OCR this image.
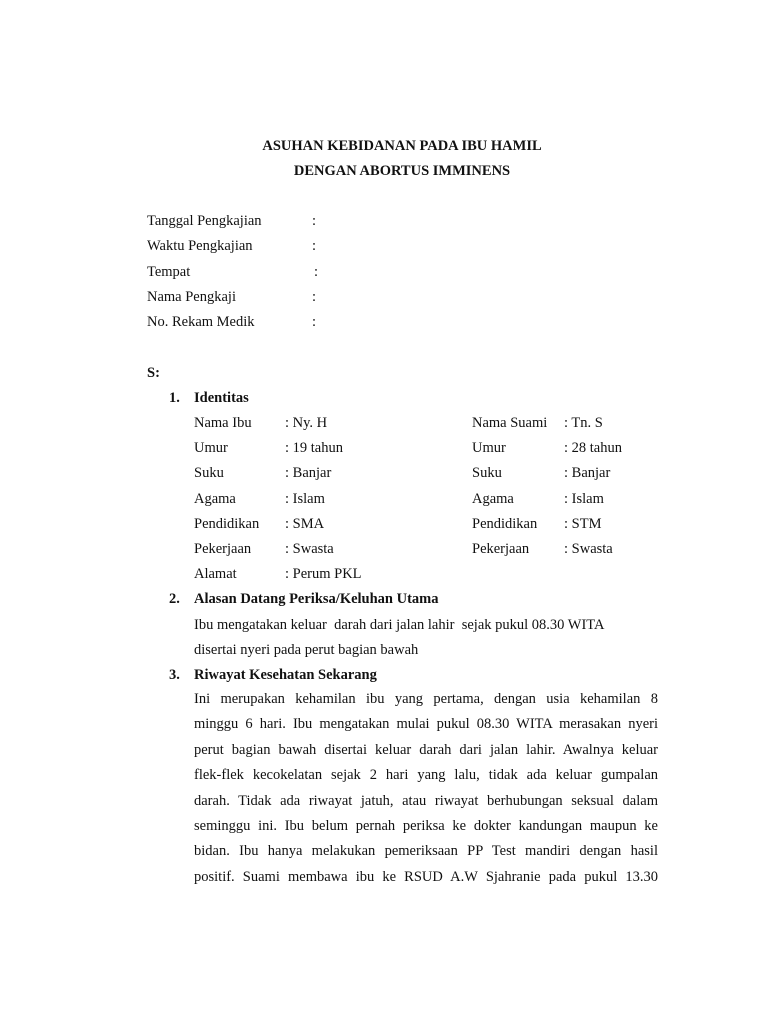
ASUHAN KEBIDANAN PADA IBU HAMIL
DENGAN ABORTUS IMMINENS
Tanggal Pengkajian	:
Waktu Pengkajian	:
Tempat	:
Nama Pengkaji	:
No. Rekam Medik	:
S:
1. Identitas
Nama Ibu : Ny. H
Umur	: 19 tahun
Suku	: Banjar
Agama	: Islam
Pendidikan : SMA
Pekerjaan : Swasta
Alamat	: Perum PKL
Nama Suami : Tn. S
Umur	: 28 tahun
Suku	: Banjar
Agama	: Islam
Pendidikan : STM
Pekerjaan : Swasta
2. Alasan Datang Periksa/Keluhan Utama
Ibu mengatakan keluar  darah dari jalan lahir  sejak pukul 08.30 WITA
disertai nyeri pada perut bagian bawah
3. Riwayat Kesehatan Sekarang
Ini merupakan kehamilan ibu yang pertama, dengan usia kehamilan 8
minggu 6 hari. Ibu mengatakan mulai pukul 08.30 WITA merasakan nyeri
perut bagian bawah disertai keluar darah dari jalan lahir. Awalnya keluar
flek-flek kecokelatan sejak 2 hari yang lalu, tidak ada keluar gumpalan
darah. Tidak ada riwayat jatuh, atau riwayat berhubungan seksual dalam
seminggu ini. Ibu belum pernah periksa ke dokter kandungan maupun ke
bidan. Ibu hanya melakukan pemeriksaan PP Test mandiri dengan hasil
positif. Suami membawa ibu ke RSUD A.W Sjahranie pada pukul 13.30
